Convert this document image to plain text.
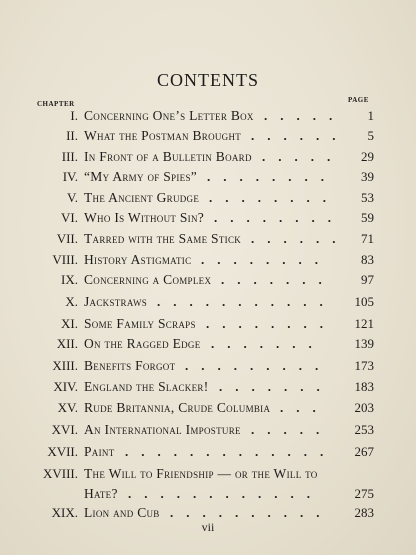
CONTENTS
CHAPTER	PAGE
I. Concerning One’s Letter Box	1
.....
II. What the Postman Brought	5
......
III. In Front of a Bulletin Board	29
.....
IV. “My Army of Spies”	39
........
V. The Ancient Grudge	53
........
VI. Who Is Without Sin?	59
........
VII. Tarred with the Same Stick	71
......
VIII. History Astigmatic	83
........
IX. Concerning a Complex	97
.......
X. Jackstraws	105
...........
XI. Some Family Scraps	121
........
XII. On the Ragged Edge	139
.......
XIII. Benefits Forgot	173
.........
XIV. England the Slacker!	183
.......
XV. Rude Britannia, Crude Columbia	203
...
XVI. An International Imposture	253
.....
XVII. Paint	267
.............
XVIII. The Will to Friendship — or the Will to
Hate?	275
............
XIX. Lion and Cub	283
..........
vii
